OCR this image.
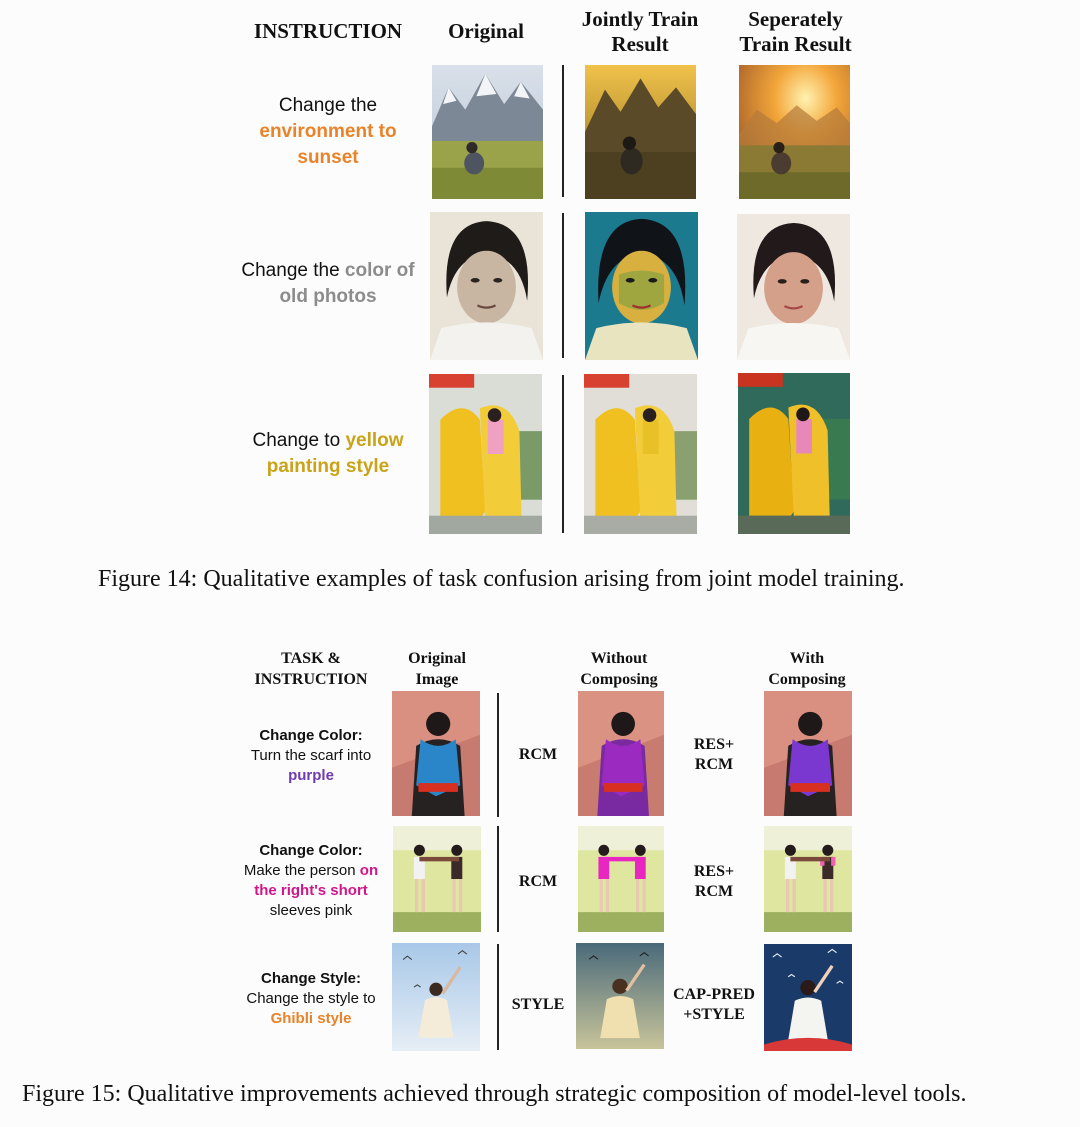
INSTRUCTION	Original	Jointly Train
Result
Seperately
Train Result
Change the
environment to
sunset
Change the color of
old photos
Change to yellow
painting style
Figure 14: Qualitative examples of task confusion arising from joint model training.
TASK &
INSTRUCTION
Original
Image
Without
Composing
With
Composing
Change Color:
Turn the scarf into
purple
Change Color:
Make the person on
the right's short
sleeves pink
Change Style:
Change the style to
Ghibli style
RCM
RCM
STYLE
RES+
RCM
RES+
RCM
CAP-PRED
+STYLE
Figure 15: Qualitative improvements achieved through strategic composition of model-level tools.
